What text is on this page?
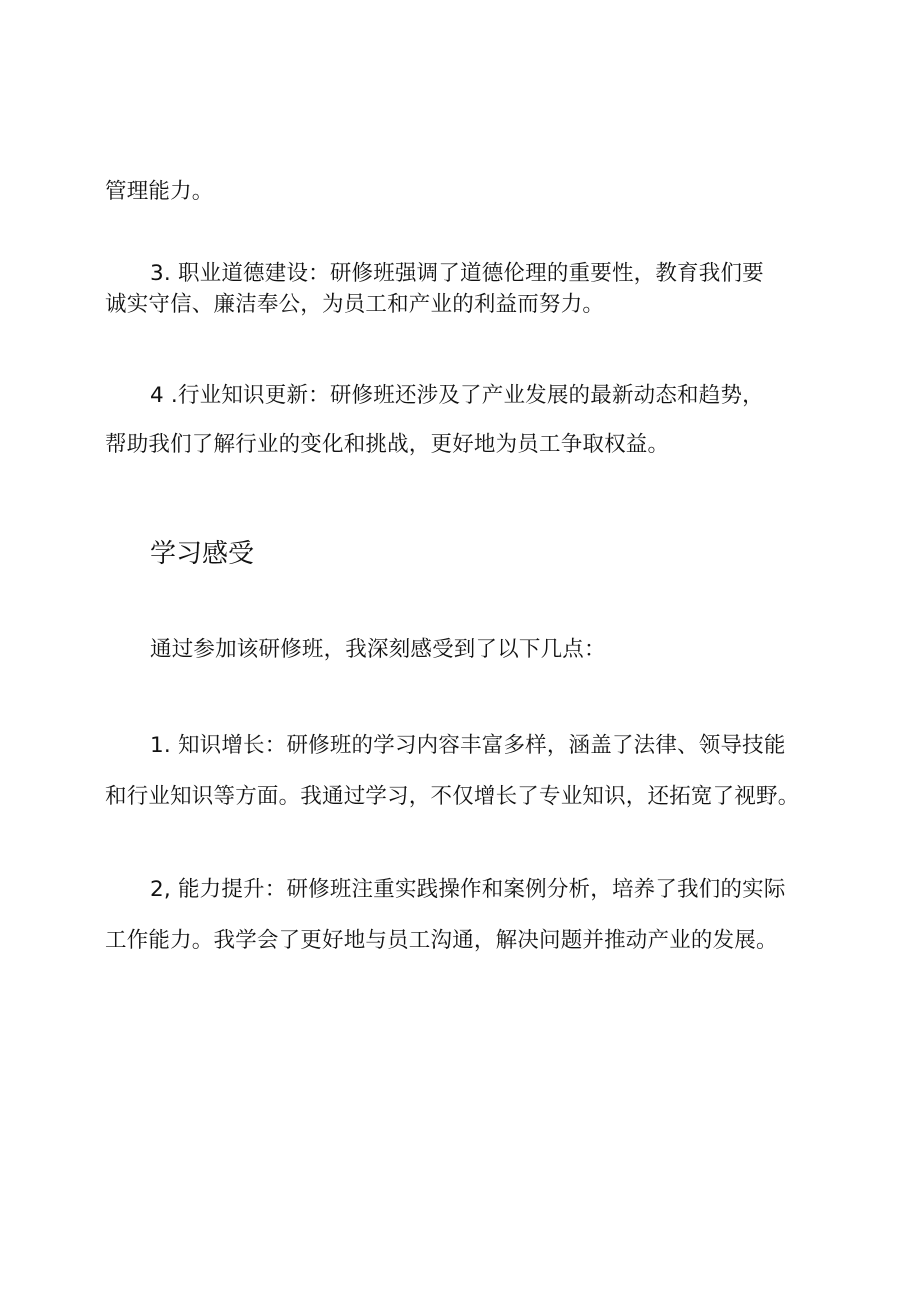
管理能力。
3. 职业道德建设：研修班强调了道德伦理的重要性，教育我们要
诚实守信、廉洁奉公，为员工和产业的利益而努力。
4 .行业知识更新：研修班还涉及了产业发展的最新动态和趋势，
帮助我们了解行业的变化和挑战，更好地为员工争取权益。
学习感受
通过参加该研修班，我深刻感受到了以下几点：
1. 知识增长：研修班的学习内容丰富多样，涵盖了法律、领导技能
和行业知识等方面。我通过学习，不仅增长了专业知识，还拓宽了视野。
2, 能力提升：研修班注重实践操作和案例分析，培养了我们的实际
工作能力。我学会了更好地与员工沟通，解决问题并推动产业的发展。
